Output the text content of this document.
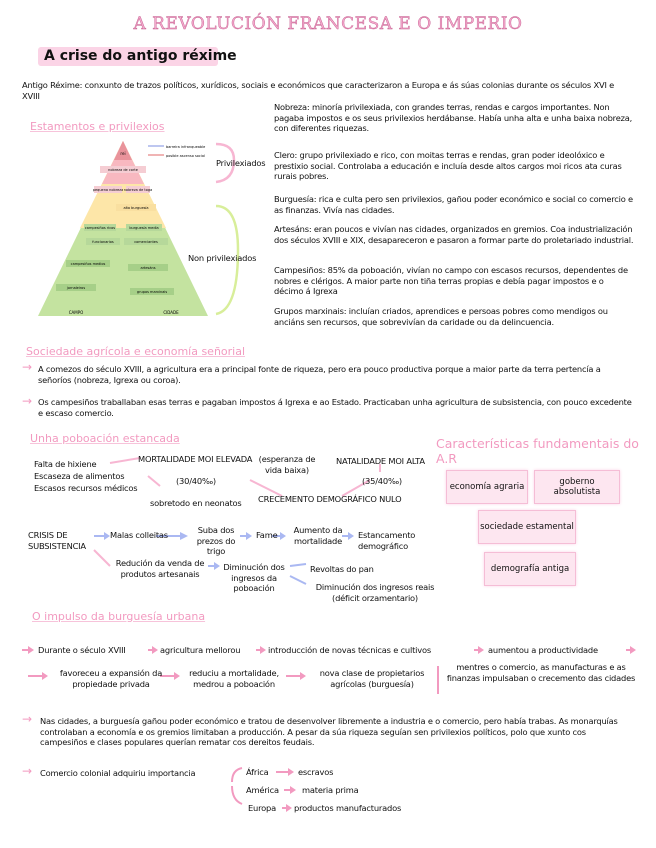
A REVOLUCIÓN FRANCESA E O IMPERIO
A crise do antigo réxime
Antigo Réxime: conxunto de trazos políticos, xurídicos, sociais e económicos que caracterizaron a Europa e ás súas colonias durante os séculos XVI e XVIII
Estamentos e privilexios
rei
nobreza de corte
pequena nobreza nobreza de toga
alta burguesía
campesiños ricos	burguesía media
funcionarios	comerciantes
campesiños medios
artesáns
jornaleiros
grupos marxinais
CAMPO	CIDADE
barreira infranqueable
posible ascenso social
Privilexiados
Non privilexiados
Nobreza: minoría privilexiada, con grandes terras, rendas e cargos importantes. Non pagaba impostos e os seus privilexios herdábanse. Había unha alta e unha baixa nobreza, con diferentes riquezas.
Clero: grupo privilexiado e rico, con moitas terras e rendas, gran poder ideolóxico e prestixio social. Controlaba a educación e incluía desde altos cargos moi ricos ata curas rurais pobres.
Burguesía: rica e culta pero sen privilexios, gañou poder económico e social co comercio e as finanzas. Vivía nas cidades.
Artesáns: eran poucos e vivían nas cidades, organizados en gremios. Coa industrialización dos séculos XVIII e XIX, desapareceron e pasaron a formar parte do proletariado industrial.
Campesiños: 85% da poboación, vivían no campo con escasos recursos, dependentes de nobres e clérigos. A maior parte non tiña terras propias e debía pagar impostos e o décimo á Igrexa
Grupos marxinais: incluían criados, aprendices e persoas pobres como mendigos ou anciáns sen recursos, que sobrevivían da caridade ou da delincuencia.
Sociedade agrícola e economía señorial
→ A comezos do século XVIII, a agricultura era a principal fonte de riqueza, pero era pouco productiva porque a maior parte da terra pertencía a señoríos (nobreza, Igrexa ou coroa).
→ Os campesiños traballaban esas terras e pagaban impostos á Igrexa e ao Estado. Practicaban unha agricultura de subsistencia, con pouco excedente e escaso comercio.
Unha poboación estancada
Falta de hixiene
Escaseza de alimentos
Escasos recursos médicos
MORTALIDADE MOI ELEVADA (esperanza de vida baixa)
(30/40‰)
sobretodo en neonatos
NATALIDADE MOI ALTA
(35/40‰)
CRECEMENTO DEMOGRÁFICO NULO
CRISIS DE SUBSISTENCIA
Malas colleitas	Suba dos prezos do trigo
Fame	Aumento da mortalidade
Estancamento demográfico
Redución da venda de produtos artesanais
Diminución dos ingresos da poboación
Revoltas do pan
Diminución dos ingresos reais (déficit orzamentario)
Características fundamentais do A.R
economía agraria	goberno absolutista
sociedade estamental
demografía antiga
O impulso da burguesía urbana
Durante o século XVIII	agricultura mellorou	introducción de novas técnicas e cultivos	aumentou a productividade
favoreceu a expansión da propiedade privada
reduciu a mortalidade, medrou a poboación
nova clase de propietarios agrícolas (burguesía)
mentres o comercio, as manufacturas e as finanzas impulsaban o crecemento das cidades
→ Nas cidades, a burguesía gañou poder económico e tratou de desenvolver libremente a industria e o comercio, pero había trabas. As monarquías controlaban a economía e os gremios limitaban a producción. A pesar da súa riqueza seguían sen privilexios políticos, polo que xunto cos campesiños e clases populares querían rematar cos dereitos feudais.
→ Comercio colonial adquiriu importancia	África	escravos
América	materia prima
Europa productos manufacturados
